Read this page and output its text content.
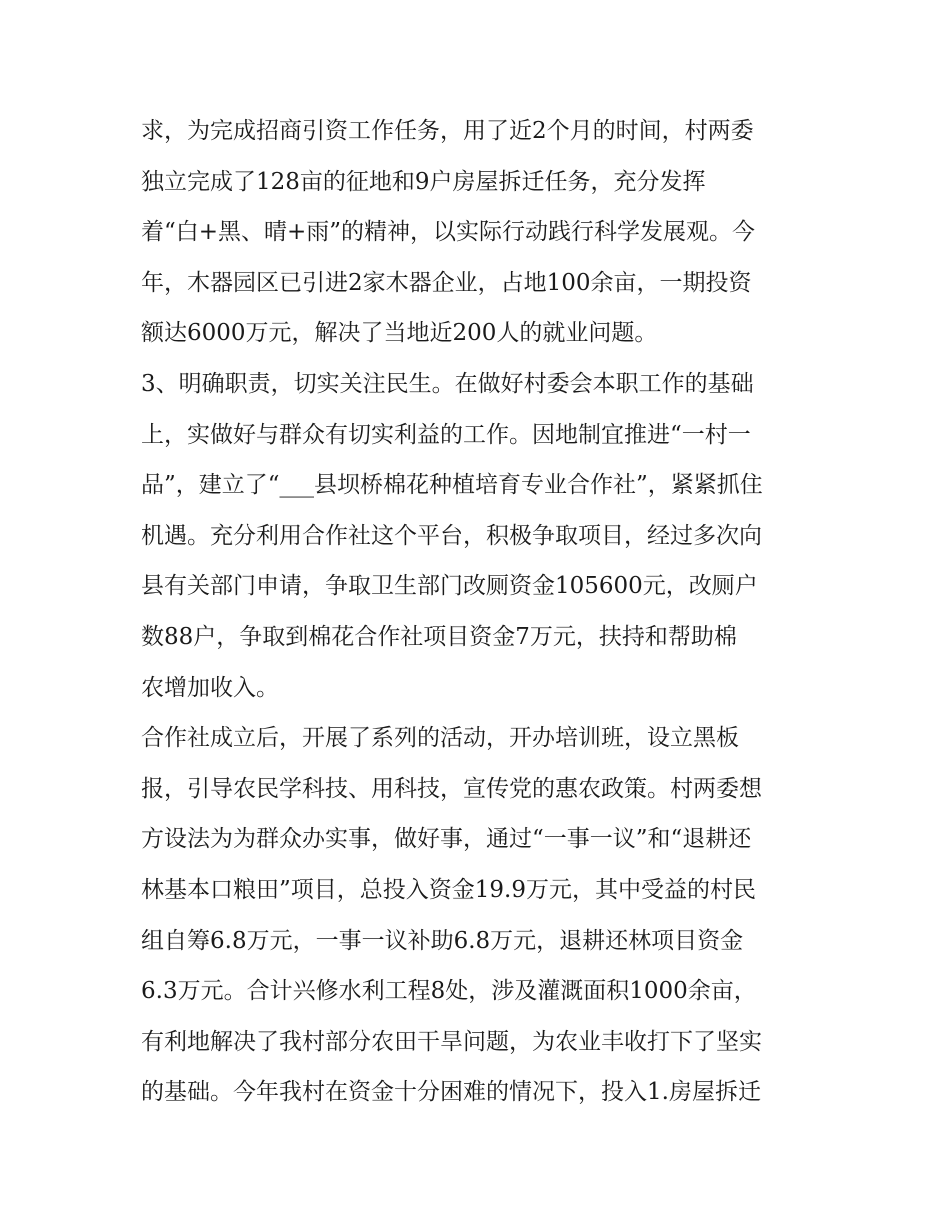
求，为完成招商引资工作任务，用了近2个月的时间，村两委
独立完成了128亩的征地和9户房屋拆迁任务，充分发挥
着“白+黑、晴+雨”的精神，以实际行动践行科学发展观。今
年，木器园区已引进2家木器企业，占地100余亩，一期投资
额达6000万元，解决了当地近200人的就业问题。
3、明确职责，切实关注民生。在做好村委会本职工作的基础
上，实做好与群众有切实利益的工作。因地制宜推进“一村一
品”，建立了“___县坝桥棉花种植培育专业合作社”，紧紧抓住
机遇。充分利用合作社这个平台，积极争取项目，经过多次向
县有关部门申请，争取卫生部门改厕资金105600元，改厕户
数88户，争取到棉花合作社项目资金7万元，扶持和帮助棉
农增加收入。
合作社成立后，开展了系列的活动，开办培训班，设立黑板
报，引导农民学科技、用科技，宣传党的惠农政策。村两委想
方设法为为群众办实事，做好事，通过“一事一议”和“退耕还
林基本口粮田”项目，总投入资金19.9万元，其中受益的村民
组自筹6.8万元，一事一议补助6.8万元，退耕还林项目资金
6.3万元。合计兴修水利工程8处，涉及灌溉面积1000余亩，
有利地解决了我村部分农田干旱问题，为农业丰收打下了坚实
的基础。今年我村在资金十分困难的情况下，投入1.房屋拆迁
